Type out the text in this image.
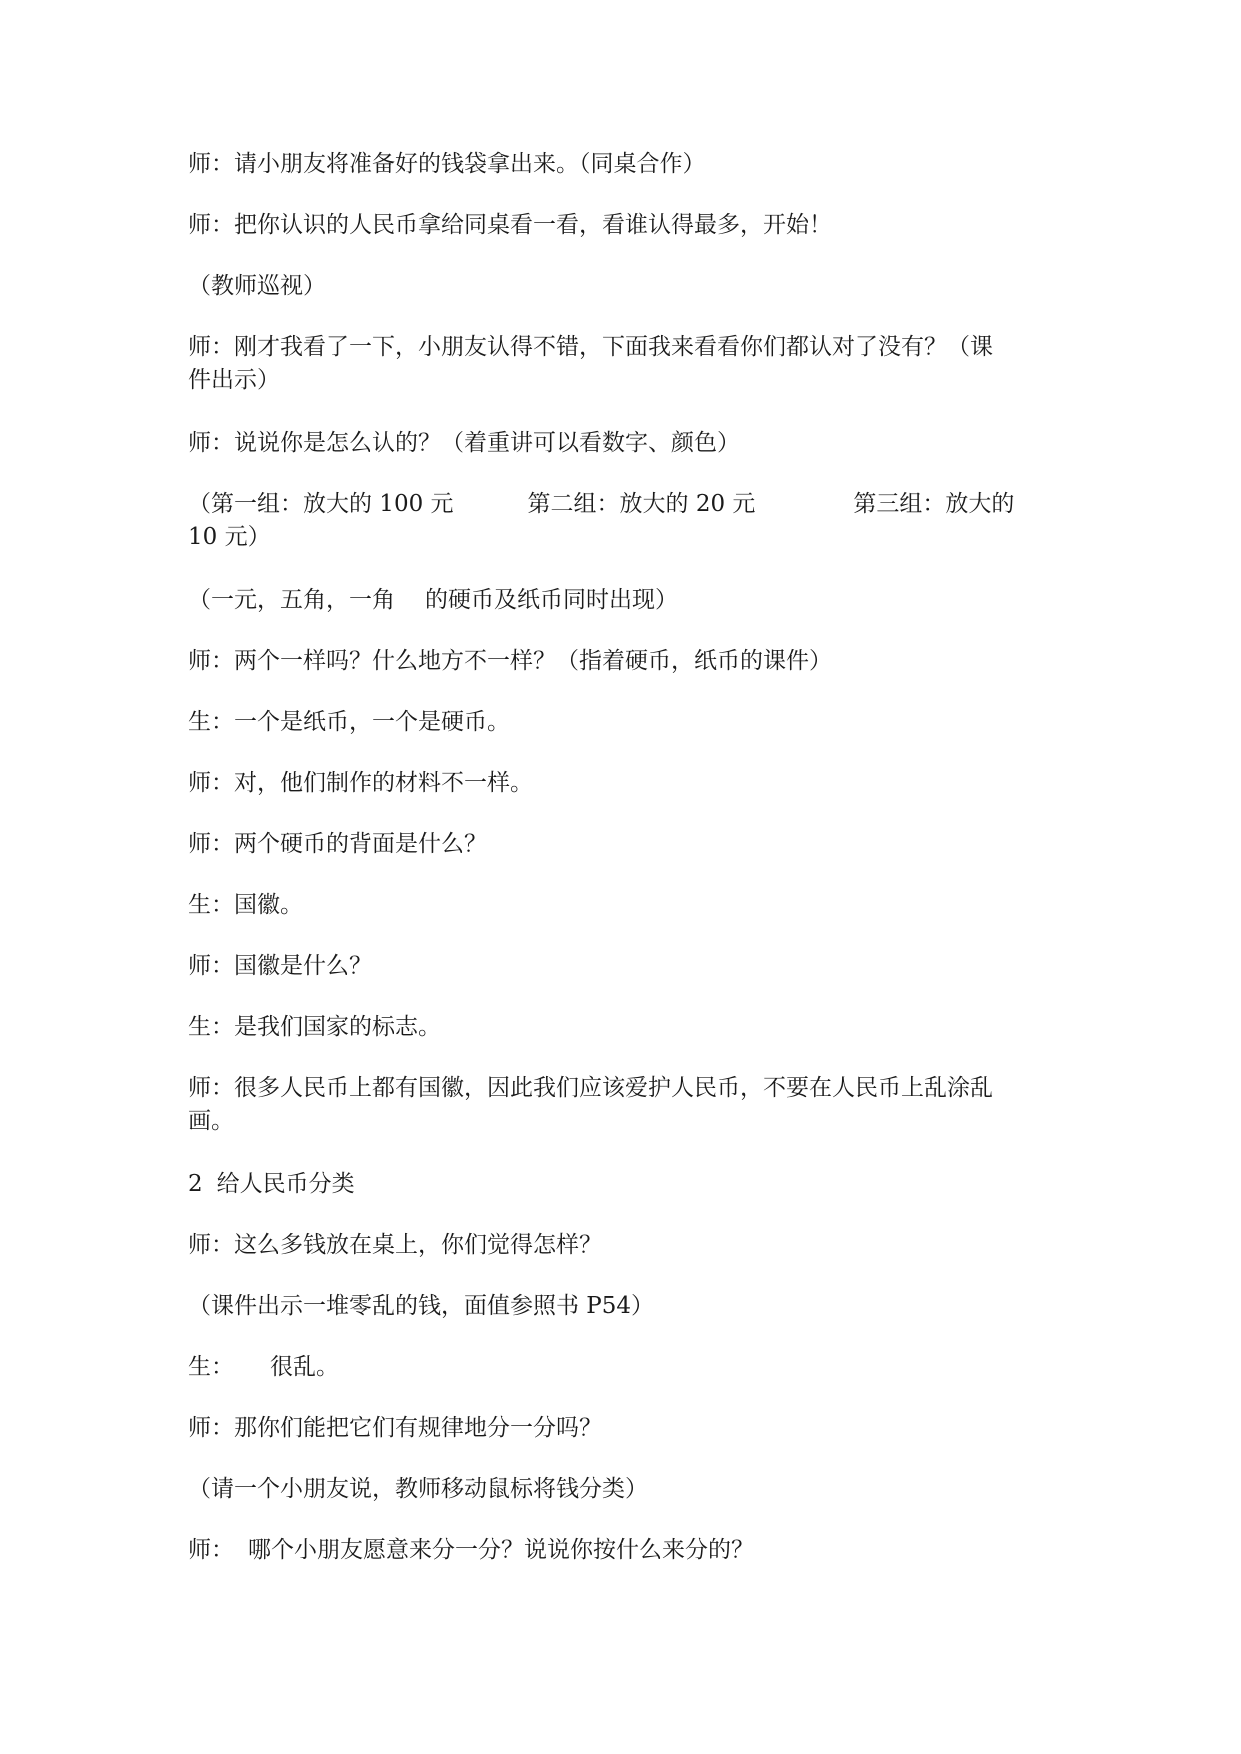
师：请小朋友将准备好的钱袋拿出来。（同桌合作）

师：把你认识的人民币拿给同桌看一看，看谁认得最多，开始！

（教师巡视）

师：刚才我看了一下，小朋友认得不错，下面我来看看你们都认对了没有？（课
件出示）

师：说说你是怎么认的？（着重讲可以看数字、颜色）

（第一组：放大的 100 元	第二组：放大的 20 元	第三组：放大的
10 元）

（一元，五角，一角 的硬币及纸币同时出现）

师：两个一样吗？什么地方不一样？（指着硬币，纸币的课件）

生：一个是纸币，一个是硬币。

师：对，他们制作的材料不一样。

师：两个硬币的背面是什么？

生：国徽。

师：国徽是什么？

生：是我们国家的标志。

师：很多人民币上都有国徽，因此我们应该爱护人民币，不要在人民币上乱涂乱
画。

2 给人民币分类

师：这么多钱放在桌上，你们觉得怎样？

（课件出示一堆零乱的钱，面值参照书 P54）

生： 很乱。

师：那你们能把它们有规律地分一分吗？

（请一个小朋友说，教师移动鼠标将钱分类）

师： 哪个小朋友愿意来分一分？说说你按什么来分的？
